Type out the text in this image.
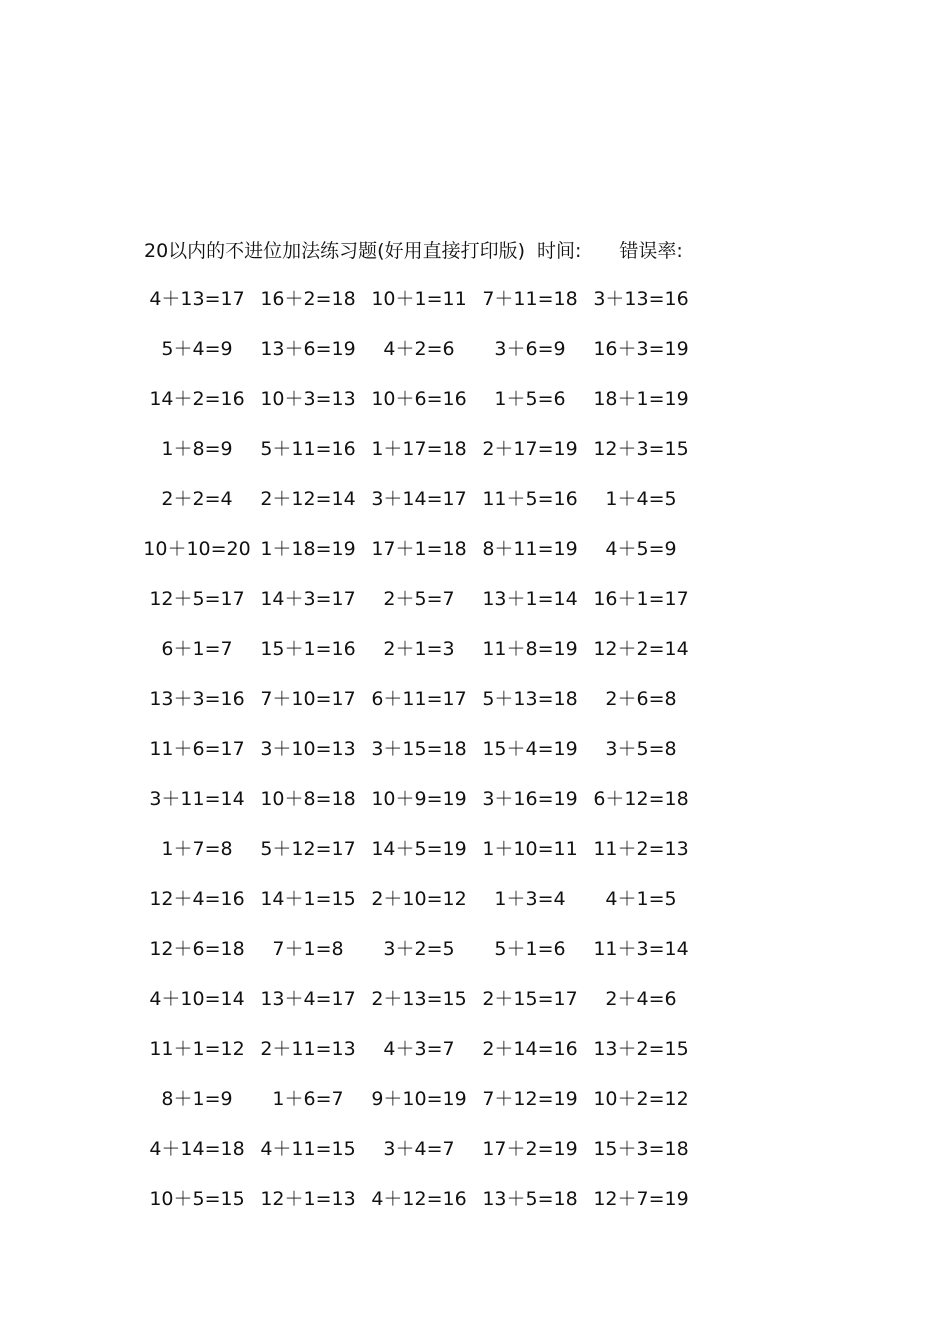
20以内的不进位加法练习题(好用直接打印版) 时间: 错误率:
4＋13=17 16＋2=18 10＋1=11 7＋11=18 3＋13=16
5＋4=9	13＋6=19	4＋2=6	3＋6=9	16＋3=19
14＋2=16 10＋3=13 10＋6=16	1＋5=6	18＋1=19
1＋8=9	5＋11=16 1＋17=18 2＋17=19 12＋3=15
2＋2=4	2＋12=14 3＋14=17 11＋5=16	1＋4=5
10＋10=20 1＋18=19 17＋1=18 8＋11=19	4＋5=9
12＋5=17 14＋3=17	2＋5=7	13＋1=14 16＋1=17
6＋1=7	15＋1=16	2＋1=3	11＋8=19 12＋2=14
13＋3=16 7＋10=17 6＋11=17 5＋13=18	2＋6=8
11＋6=17 3＋10=13 3＋15=18 15＋4=19	3＋5=8
3＋11=14 10＋8=18 10＋9=19 3＋16=19 6＋12=18
1＋7=8	5＋12=17 14＋5=19 1＋10=11 11＋2=13
12＋4=16 14＋1=15 2＋10=12	1＋3=4	4＋1=5
12＋6=18	7＋1=8	3＋2=5	5＋1=6	11＋3=14
4＋10=14 13＋4=17 2＋13=15 2＋15=17	2＋4=6
11＋1=12 2＋11=13	4＋3=7	2＋14=16 13＋2=15
8＋1=9	1＋6=7	9＋10=19 7＋12=19 10＋2=12
4＋14=18 4＋11=15	3＋4=7	17＋2=19 15＋3=18
10＋5=15 12＋1=13 4＋12=16 13＋5=18 12＋7=19
